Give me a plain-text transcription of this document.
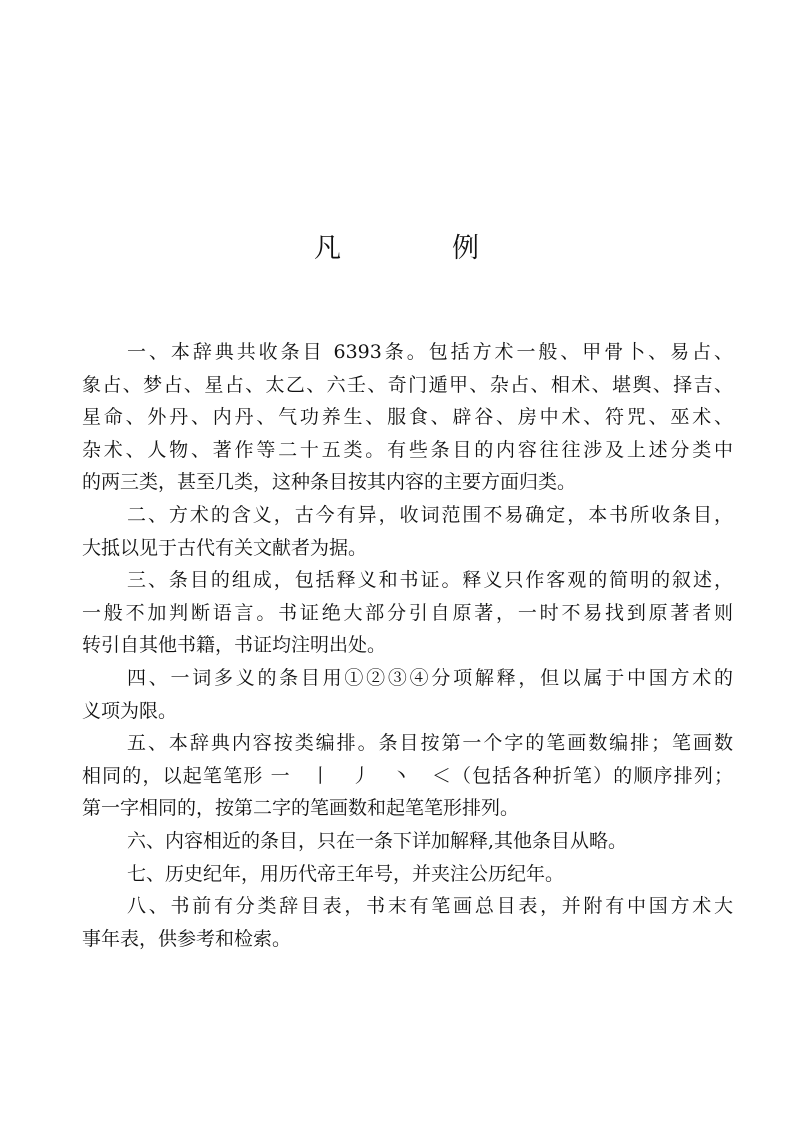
凡　例
一、本辞典共收条目 6393条。包括方术一般、甲骨卜、易占、
象占、梦占、星占、太乙、六壬、奇门遁甲、杂占、相术、堪舆、择吉、
星命、外丹、内丹、气功养生、服食、辟谷、房中术、符咒、巫术、
杂术、人物、著作等二十五类。有些条目的内容往往涉及上述分类中
的两三类，甚至几类，这种条目按其内容的主要方面归类。
二、方术的含义，古今有异，收词范围不易确定，本书所收条目，
大抵以见于古代有关文献者为据。
三、条目的组成，包括释义和书证。释义只作客观的简明的叙述，
一般不加判断语言。书证绝大部分引自原著，一时不易找到原著者则
转引自其他书籍，书证均注明出处。
四、一词多义的条目用①②③④分项解释，但以属于中国方术的
义项为限。
五、本辞典内容按类编排。条目按第一个字的笔画数编排；笔画数
相同的，以起笔笔形 一　丨　丿　丶　＜（包括各种折笔）的顺序排列；
第一字相同的，按第二字的笔画数和起笔笔形排列。
六、内容相近的条目，只在一条下详加解释,其他条目从略。
七、历史纪年，用历代帝王年号，并夹注公历纪年。
八、书前有分类辞目表，书末有笔画总目表，并附有中国方术大
事年表，供参考和检索。
